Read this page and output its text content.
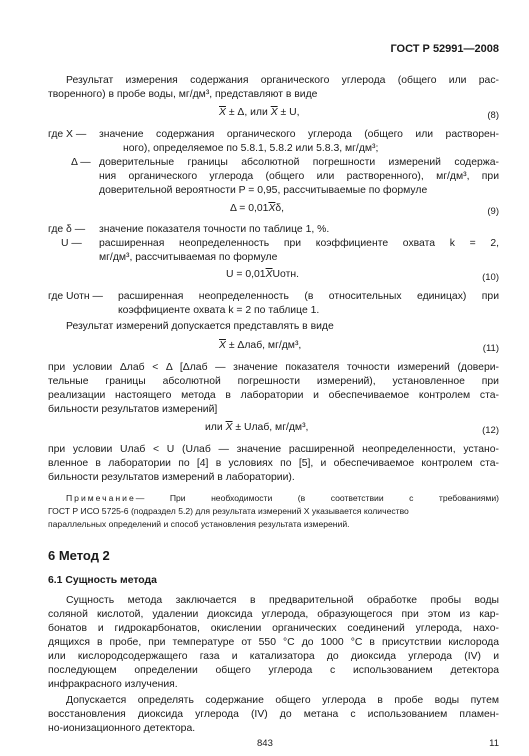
ГОСТ Р 52991—2008
Результат измерения содержания органического углерода (общего или рас-
творенного) в пробе воды, мг/дм³, представляют в виде
$\overline{X} \pm \Delta$, или $\overline{X} \pm U$,	(8)
где X — значение содержания органического углерода (общего или растворен-
ного), определяемое по 5.8.1, 5.8.2 или 5.8.3, мг/дм³;
Δ — доверительные границы абсолютной погрешности измерений содержа-
ния органического углерода (общего или растворенного), мг/дм³, при
доверительной вероятности P = 0,95, рассчитываемые по формуле
$\Delta = 0,01\overline{X}\delta$,	(9)
где δ — значение показателя точности по таблице 1, %.
U — расширенная неопределенность при коэффициенте охвата k = 2,
мг/дм³, рассчитываемая по формуле
$U = 0,01\overline{X}Uотн$.	(10)
где Uотн — расширенная неопределенность (в относительных единицах) при
коэффициенте охвата k = 2 по таблице 1.
Результат измерений допускается представлять в виде
$\overline{X} \pm \Delta лаб$, мг/дм³,	(11)
при условии Δлаб < Δ [Δлаб — значение показателя точности измерений (довери-
тельные границы абсолютной погрешности измерений), установленное при
реализации настоящего метода в лаборатории и обеспечиваемое контролем ста-
бильности результатов измерений]
или $\overline{X}$ ± Uлаб, мг/дм³,	(12)
при условии Uлаб < U (Uлаб — значение расширенной неопределенности, устано-
вленное в лаборатории по [4] в условиях по [5], и обеспечиваемое контролем ста-
бильности результатов измерений в лаборатории).
Примечание — При необходимости (в соответствии с требованиями)
ГОСТ Р ИСО 5725-6 (подраздел 5.2) для результата измерений X указывается количество
параллельных определений и способ установления результата измерений.
6 Метод 2
6.1 Сущность метода
Сущность метода заключается в предварительной обработке пробы воды
соляной кислотой, удалении диоксида углерода, образующегося при этом из кар-
бонатов и гидрокарбонатов, окислении органических соединений углерода, нахо-
дящихся в пробе, при температуре от 550 °С до 1000 °С в присутствии кислорода
или кислородсодержащего газа и катализатора до диоксида углерода (IV) и
последующем определении общего углерода с использованием детектора
инфракрасного излучения.
Допускается определять содержание общего углерода в пробе воды путем
восстановления диоксида углерода (IV) до метана с использованием пламен-
но-ионизационного детектора.
843	11
